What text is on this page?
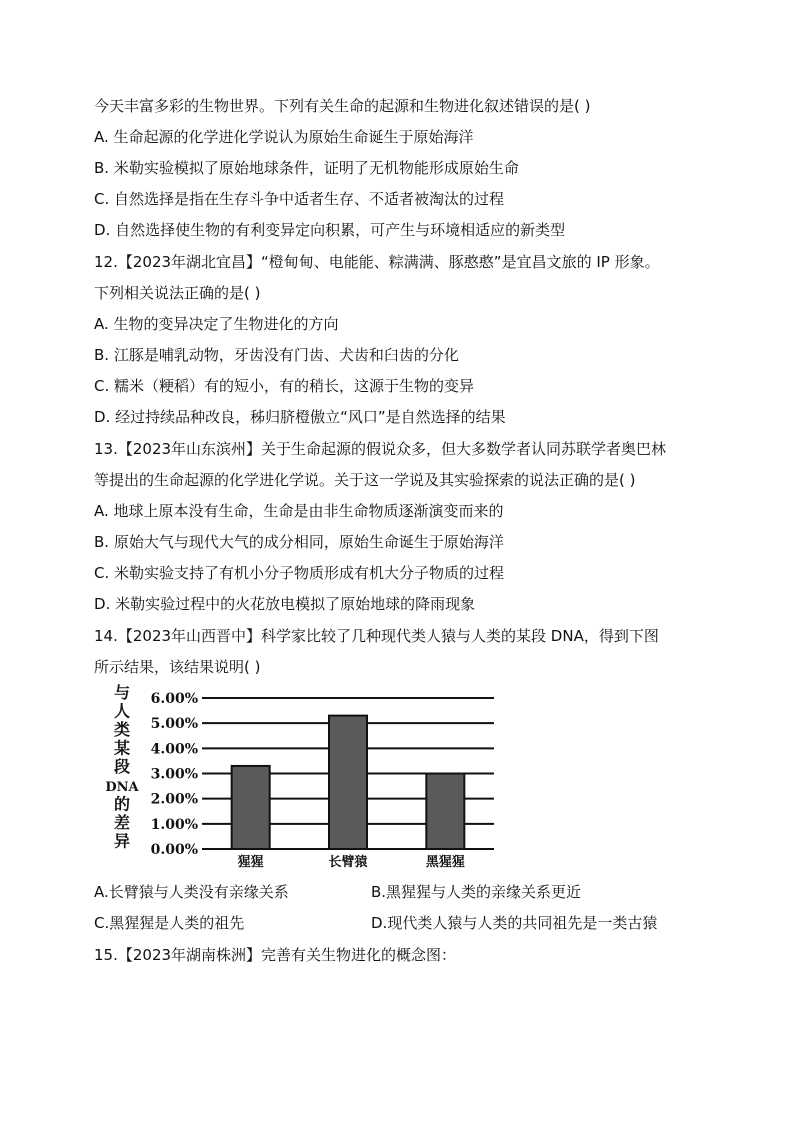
今天丰富多彩的生物世界。下列有关生命的起源和生物进化叙述错误的是( )
A. 生命起源的化学进化学说认为原始生命诞生于原始海洋
B. 米勒实验模拟了原始地球条件，证明了无机物能形成原始生命
C. 自然选择是指在生存斗争中适者生存、不适者被淘汰的过程
D. 自然选择使生物的有利变异定向积累，可产生与环境相适应的新类型
12.【2023年湖北宜昌】“橙甸甸、电能能、粽满满、豚憨憨”是宜昌文旅的 IP 形象。
下列相关说法正确的是( )
A. 生物的变异决定了生物进化的方向
B. 江豚是哺乳动物，牙齿没有门齿、犬齿和臼齿的分化
C. 糯米（粳稻）有的短小，有的稍长，这源于生物的变异
D. 经过持续品种改良，秭归脐橙傲立“风口”是自然选择的结果
13.【2023年山东滨州】关于生命起源的假说众多，但大多数学者认同苏联学者奥巴林
等提出的生命起源的化学进化学说。关于这一学说及其实验探索的说法正确的是( )
A. 地球上原本没有生命，生命是由非生命物质逐渐演变而来的
B. 原始大气与现代大气的成分相同，原始生命诞生于原始海洋
C. 米勒实验支持了有机小分子物质形成有机大分子物质的过程
D. 米勒实验过程中的火花放电模拟了原始地球的降雨现象
14.【2023年山西晋中】科学家比较了几种现代类人猿与人类的某段 DNA，得到下图
所示结果，该结果说明( )
与
人
类
某
段
DNA
的
差
异 0.00%
1.00%
2.00%
3.00%
4.00%
5.00%
6.00%
猩猩	长臂猿	黑猩猩
A.长臂猿与人类没有亲缘关系	B.黑猩猩与人类的亲缘关系更近
C.黑猩猩是人类的祖先	D.现代类人猿与人类的共同祖先是一类古猿
15.【2023年湖南株洲】完善有关生物进化的概念图：
